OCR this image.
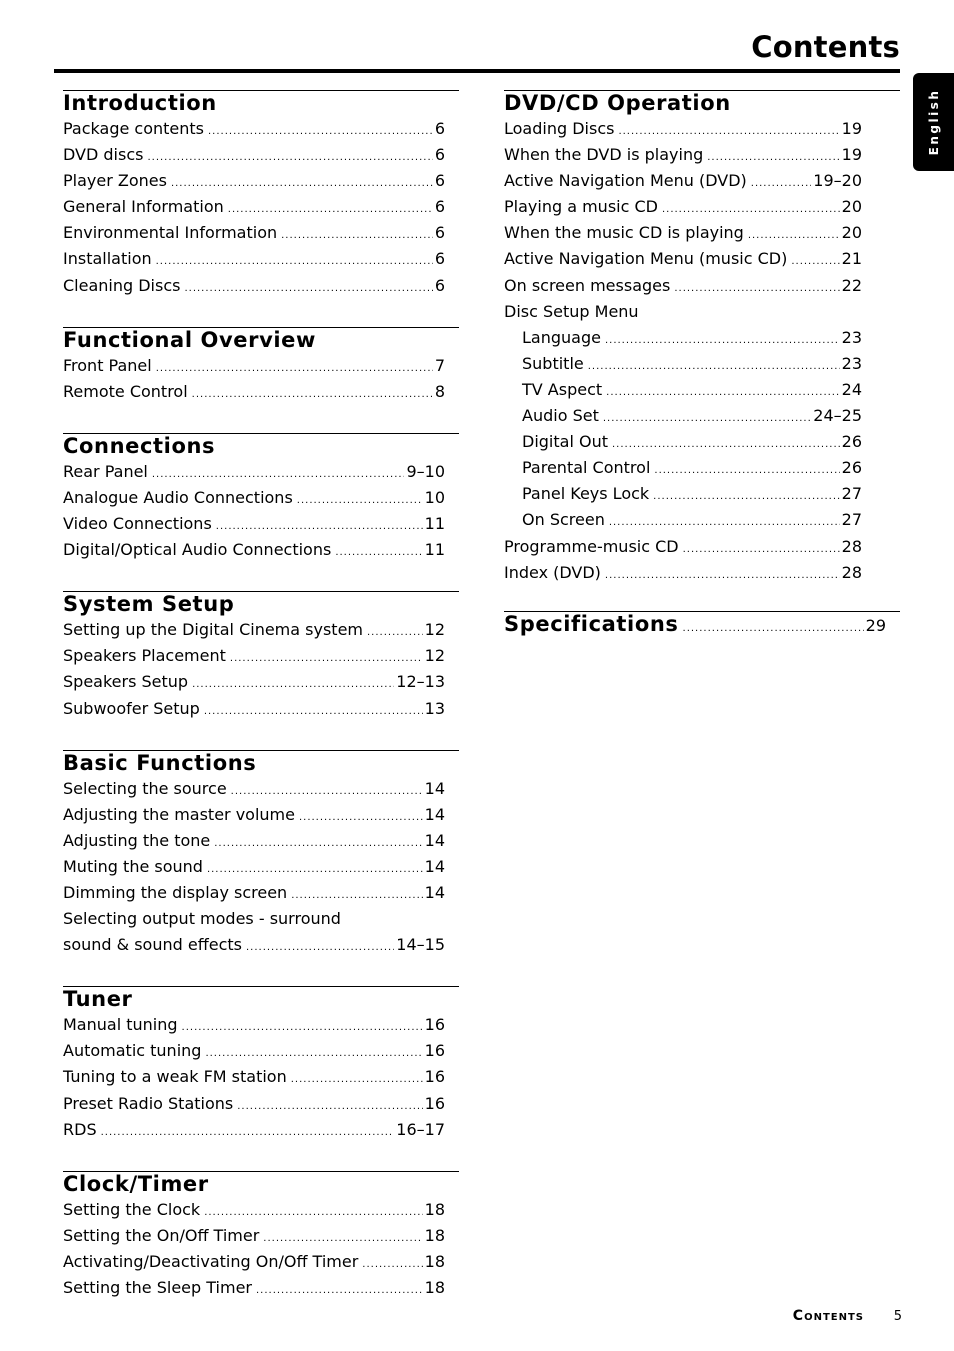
Contents
English
Introduction
Package contents .....	6
DVD discs .....	6
Player Zones .....	6
General Information .....	6
Environmental Information .....	6
Installation .....	6
Cleaning Discs .....	6
Functional Overview
Front Panel .....	7
Remote Control .....	8
Connections
Rear Panel .....	9–10
Analogue Audio Connections .....	10
Video Connections .....	11
Digital/Optical Audio Connections .....	11
System Setup
Setting up the Digital Cinema system .....	12
Speakers Placement .....	12
Speakers Setup .....	12–13
Subwoofer Setup .....	13
Basic Functions
Selecting the source .....	14
Adjusting the master volume .....	14
Adjusting the tone .....	14
Muting the sound .....	14
Dimming the display screen .....	14
Selecting output modes - surround
sound & sound effects .....	14–15
Tuner
Manual tuning .....	16
Automatic tuning .....	16
Tuning to a weak FM station .....	16
Preset Radio Stations .....	16
RDS .....	16–17
Clock/Timer
Setting the Clock .....	18
Setting the On/Off Timer .....	18
Activating/Deactivating On/Off Timer .....	18
Setting the Sleep Timer .....	18
DVD/CD Operation
Loading Discs .....	19
When the DVD is playing .....	19
Active Navigation Menu (DVD) .....	19–20
Playing a music CD .....	20
When the music CD is playing .....	20
Active Navigation Menu (music CD) .....	21
On screen messages .....	22
Disc Setup Menu
Language .....	23
Subtitle .....	23
TV Aspect .....	24
Audio Set .....	24–25
Digital Out .....	26
Parental Control .....	26
Panel Keys Lock .....	27
On Screen .....	27
Programme-music CD .....	28
Index (DVD) .....	28
Specifications .....	29
Contents 5
